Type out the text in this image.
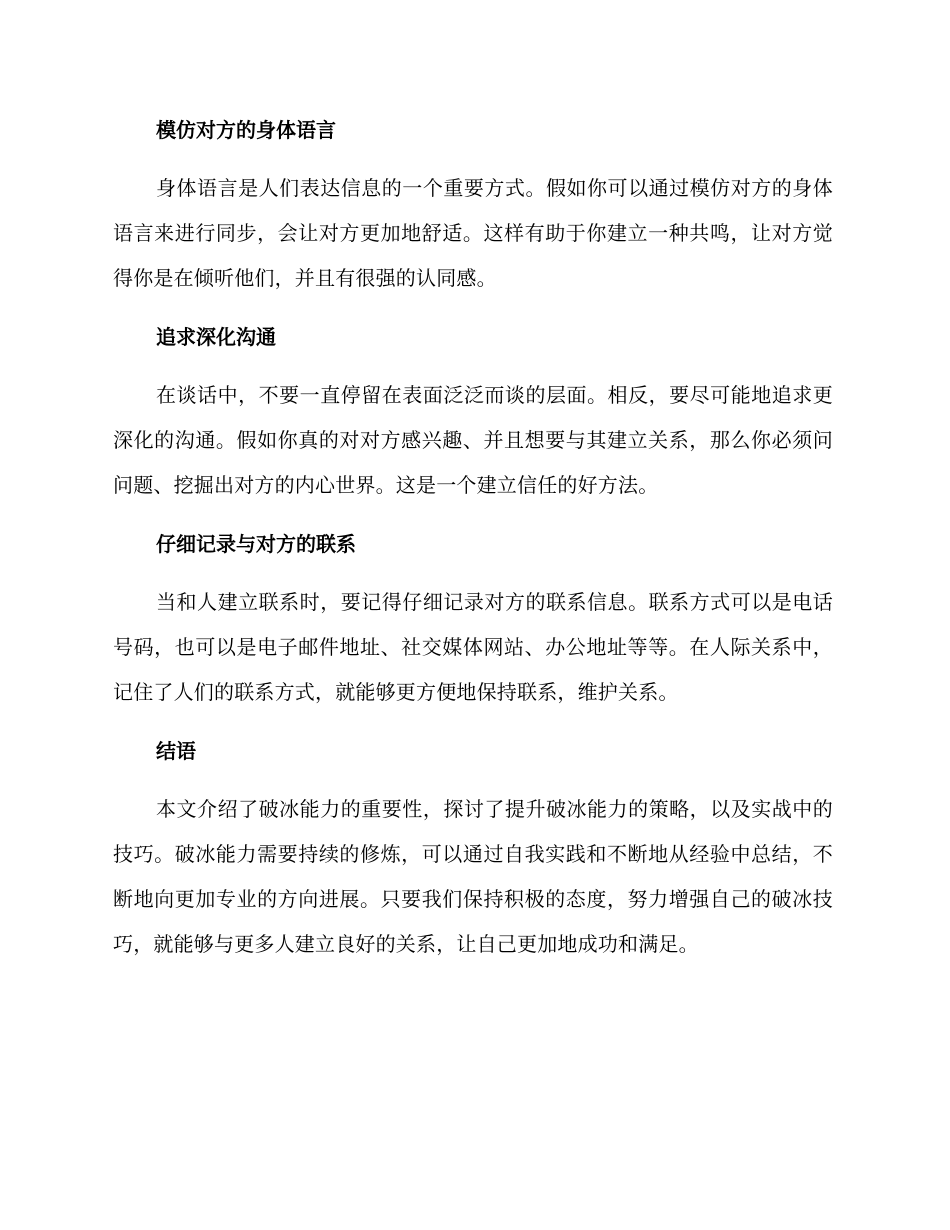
模仿对方的身体语言
身体语言是人们表达信息的一个重要方式。假如你可以通过模仿对方的身体语言来进行同步，会让对方更加地舒适。这样有助于你建立一种共鸣，让对方觉得你是在倾听他们，并且有很强的认同感。
追求深化沟通
在谈话中，不要一直停留在表面泛泛而谈的层面。相反，要尽可能地追求更深化的沟通。假如你真的对对方感兴趣、并且想要与其建立关系，那么你必须问问题、挖掘出对方的内心世界。这是一个建立信任的好方法。
仔细记录与对方的联系
当和人建立联系时，要记得仔细记录对方的联系信息。联系方式可以是电话号码，也可以是电子邮件地址、社交媒体网站、办公地址等等。在人际关系中，记住了人们的联系方式，就能够更方便地保持联系，维护关系。
结语
本文介绍了破冰能力的重要性，探讨了提升破冰能力的策略，以及实战中的技巧。破冰能力需要持续的修炼，可以通过自我实践和不断地从经验中总结，不断地向更加专业的方向进展。只要我们保持积极的态度，努力增强自己的破冰技巧，就能够与更多人建立良好的关系，让自己更加地成功和满足。
